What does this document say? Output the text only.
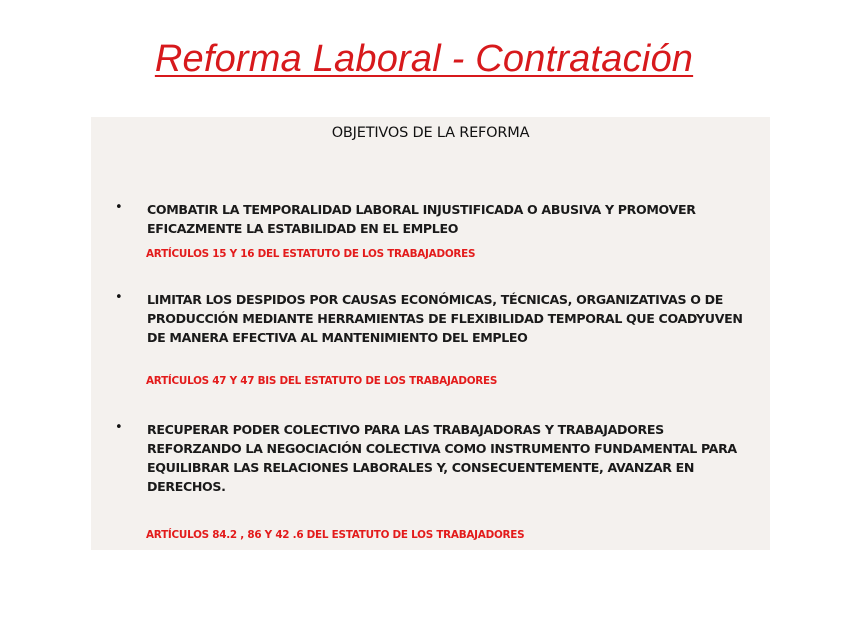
Reforma Laboral - Contratación
OBJETIVOS DE LA REFORMA
• COMBATIR LA TEMPORALIDAD LABORAL INJUSTIFICADA O ABUSIVA Y PROMOVER EFICAZMENTE LA ESTABILIDAD EN EL EMPLEO

ARTÍCULOS 15 Y 16 DEL ESTATUTO DE LOS TRABAJADORES
• LIMITAR LOS DESPIDOS POR CAUSAS ECONÓMICAS, TÉCNICAS, ORGANIZATIVAS O DE PRODUCCIÓN MEDIANTE HERRAMIENTAS DE FLEXIBILIDAD TEMPORAL QUE COADYUVEN DE MANERA EFECTIVA AL MANTENIMIENTO DEL EMPLEO

ARTÍCULOS 47 Y 47 BIS DEL ESTATUTO DE LOS TRABAJADORES
• RECUPERAR PODER COLECTIVO PARA LAS TRABAJADORAS Y TRABAJADORES REFORZANDO LA NEGOCIACIÓN COLECTIVA COMO INSTRUMENTO FUNDAMENTAL PARA EQUILIBRAR LAS RELACIONES LABORALES Y, CONSECUENTEMENTE, AVANZAR EN DERECHOS.

ARTÍCULOS 84.2 , 86 Y 42 .6 DEL ESTATUTO DE LOS TRABAJADORES
